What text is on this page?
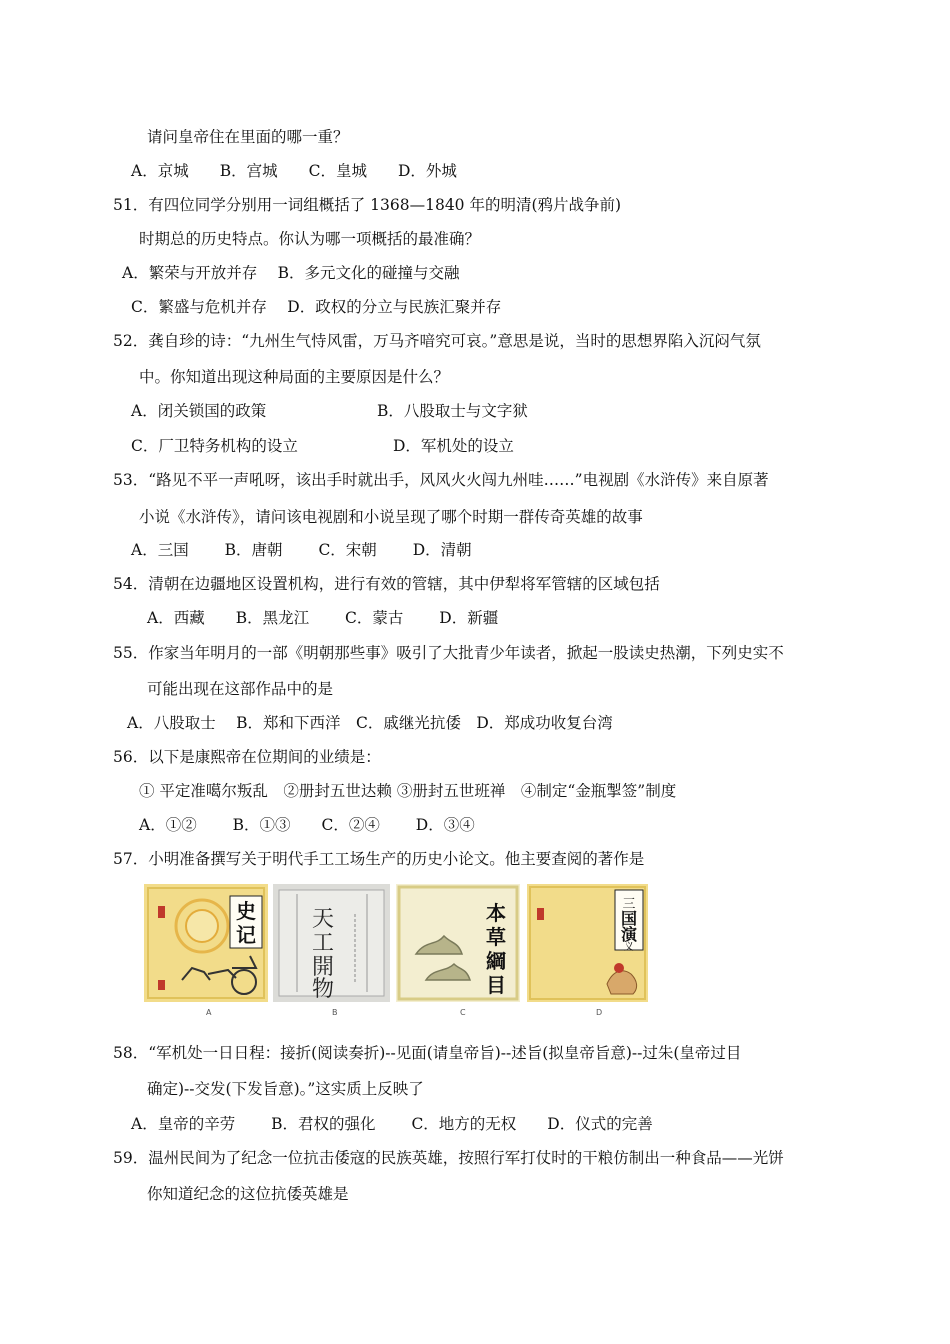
请问皇帝住在里面的哪一重？
A．京城　　B．宫城　　C．皇城　　D．外城
51．有四位同学分别用一词组概括了 1368—1840 年的明清(鸦片战争前)
时期总的历史特点。你认为哪一项概括的最准确？
A．繁荣与开放并存　 B．多元文化的碰撞与交融
C．繁盛与危机并存　 D．政权的分立与民族汇聚并存
52．龚自珍的诗：“九州生气恃风雷，万马齐喑究可哀。”意思是说，当时的思想界陷入沉闷气氛
中。你知道出现这种局面的主要原因是什么？
A．闭关锁国的政策	B．八股取士与文字狱
C．厂卫特务机构的设立	D．军机处的设立
53．“路见不平一声吼呀，该出手时就出手，风风火火闯九州哇……”电视剧《水浒传》来自原著
小说《水浒传》，请问该电视剧和小说呈现了哪个时期一群传奇英雄的故事
A．三国　　 B．唐朝　　 C．宋朝　　 D．清朝
54．清朝在边疆地区设置机构，进行有效的管辖，其中伊犁将军管辖的区域包括
A．西藏　　B．黑龙江　　 C．蒙古　　 D．新疆
55．作家当年明月的一部《明朝那些事》吸引了大批青少年读者，掀起一股读史热潮，下列史实不
可能出现在这部作品中的是
A．八股取士　 B．郑和下西洋　C．戚继光抗倭　D．郑成功收复台湾
56．以下是康熙帝在位期间的业绩是：
① 平定准噶尔叛乱　②册封五世达赖 ③册封五世班禅　④制定“金瓶掣签”制度
A．①②　　 B．①③　　C．②④　　 D．③④
57．小明准备撰写关于明代手工工场生产的历史小论文。他主要查阅的著作是
史
记
A
天
工
開
物
B
本
草
綱
目
C
三
国
演
义
D
58．“军机处一日日程：接折(阅读奏折)--见面(请皇帝旨)--述旨(拟皇帝旨意)--过朱(皇帝过目
确定)--交发(下发旨意)。”这实质上反映了
A．皇帝的辛劳　　 B．君权的强化　　 C．地方的无权　　D．仪式的完善
59．温州民间为了纪念一位抗击倭寇的民族英雄，按照行军打仗时的干粮仿制出一种食品——光饼
你知道纪念的这位抗倭英雄是
